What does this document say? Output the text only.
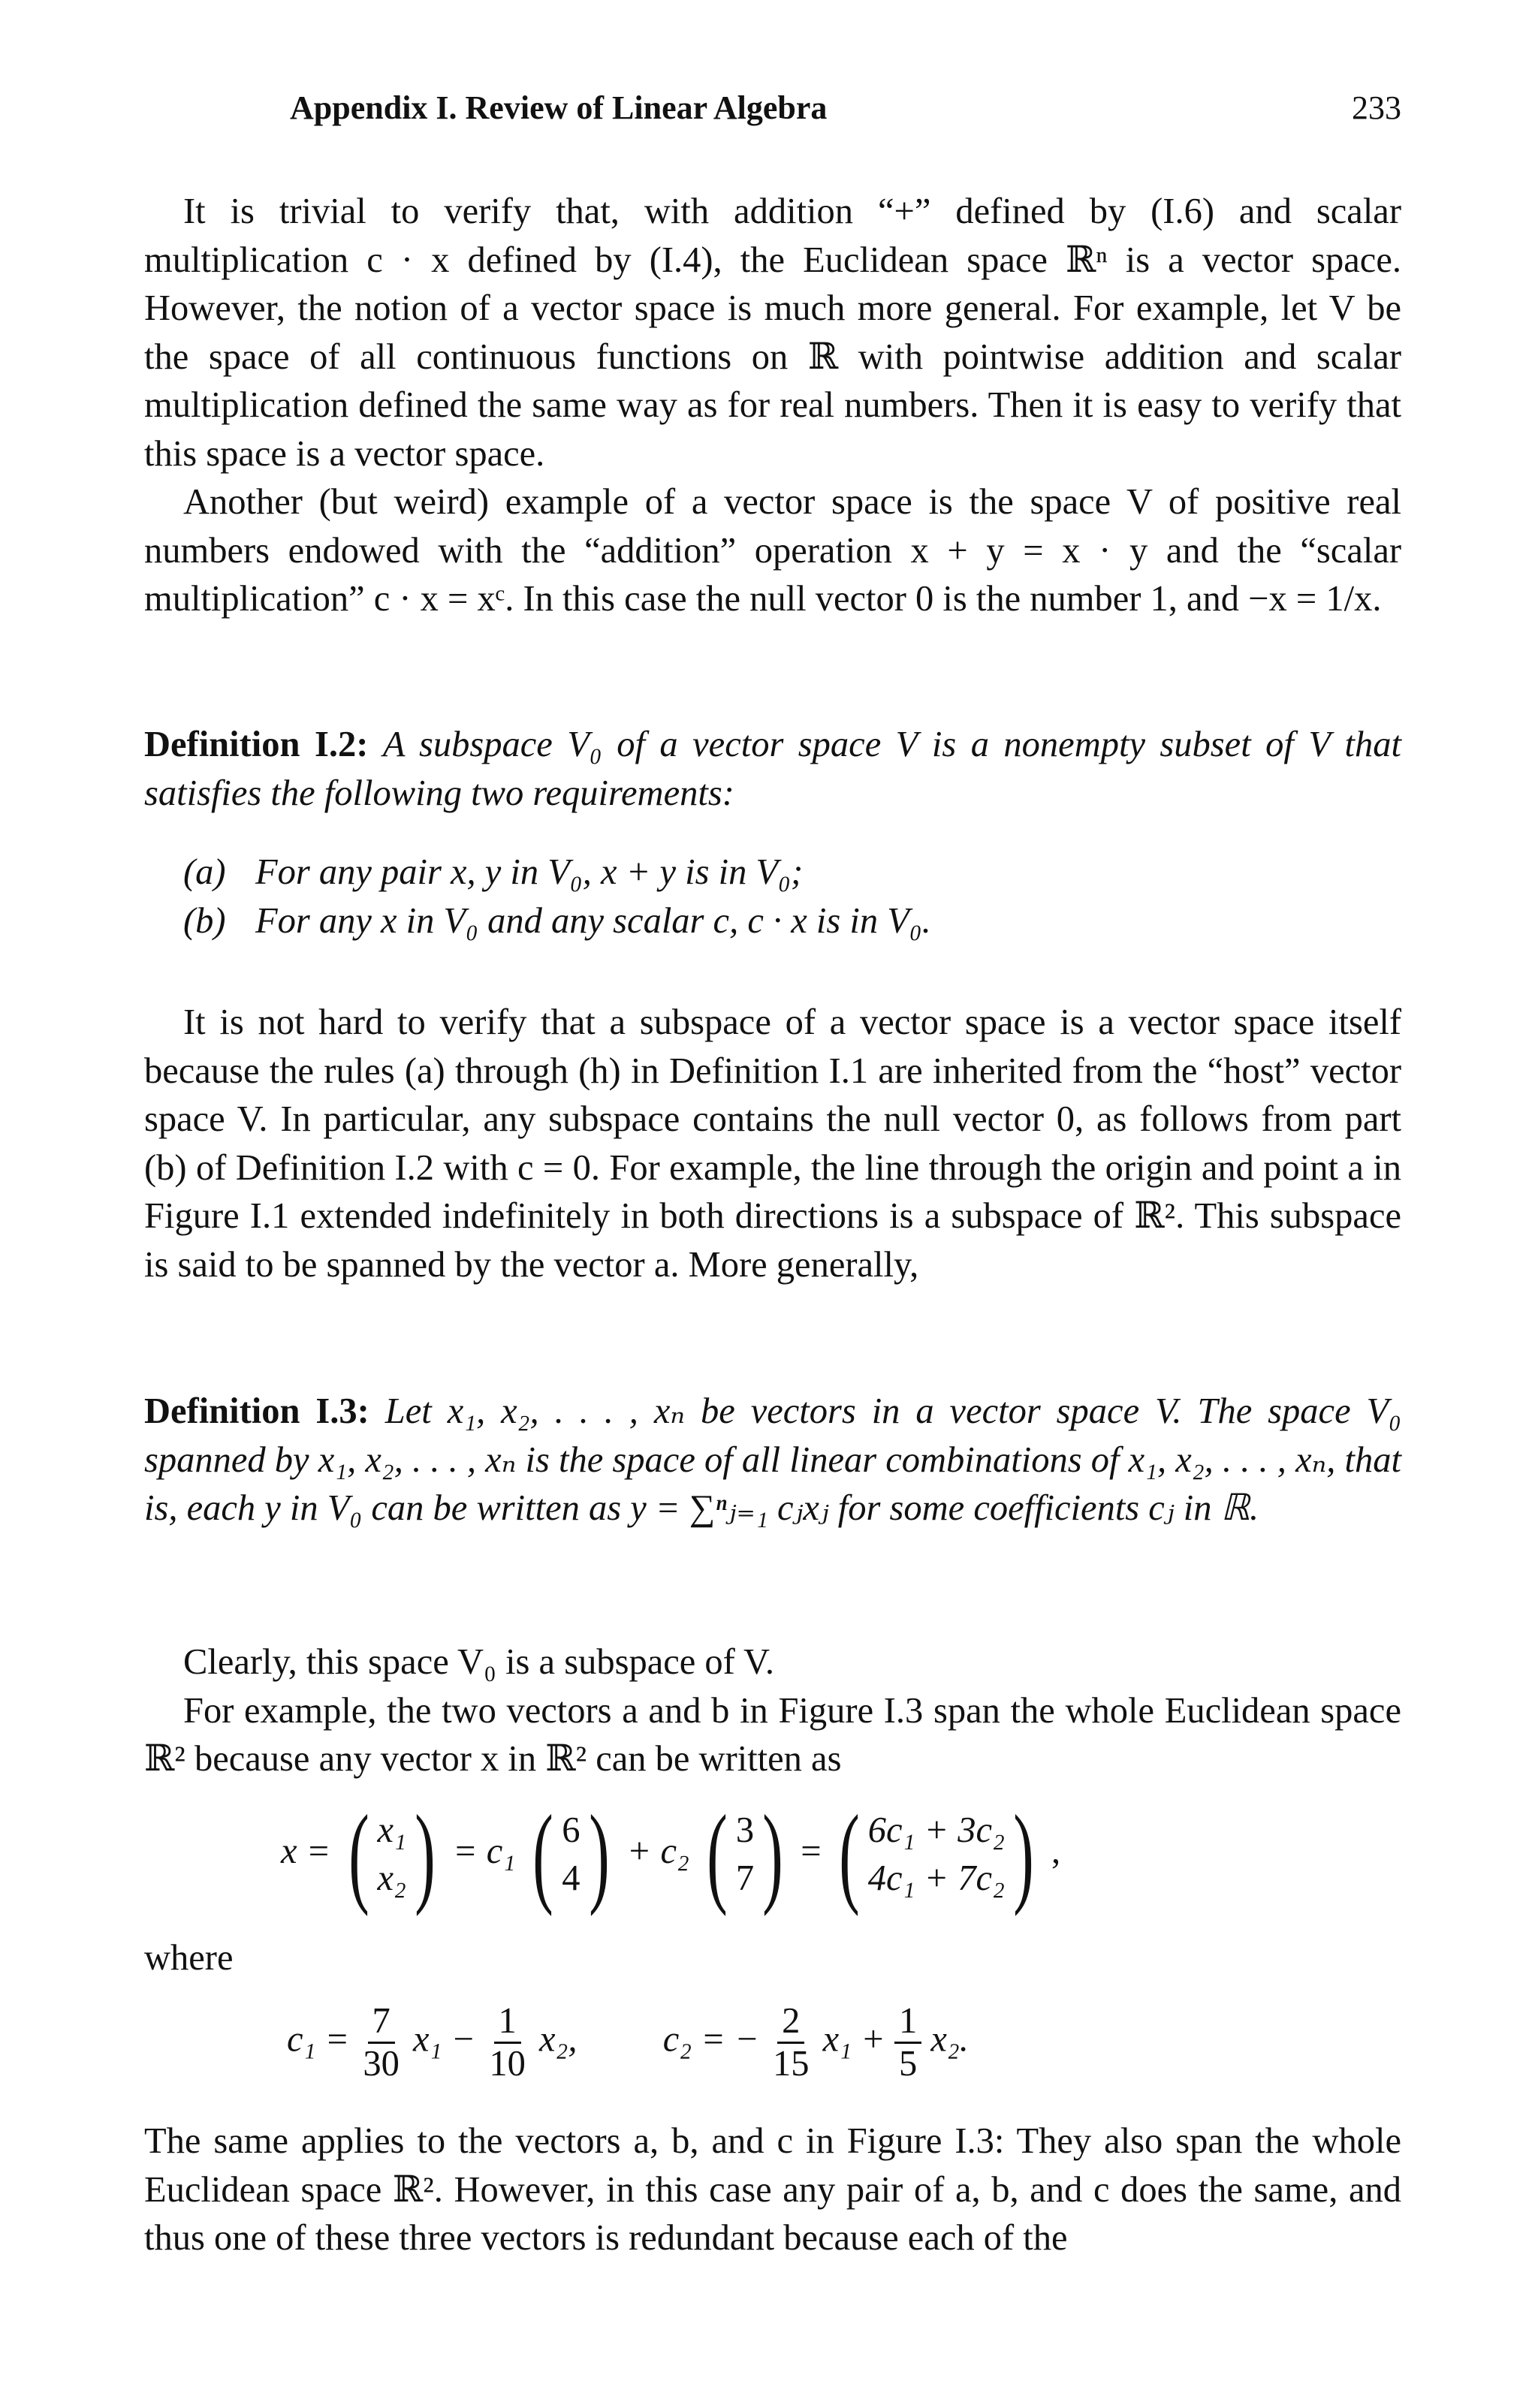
Appendix I. Review of Linear Algebra	233

It is trivial to verify that, with addition “+” defined by (I.6) and scalar multiplication c · x defined by (I.4), the Euclidean space ℝⁿ is a vector space. However, the notion of a vector space is much more general. For example, let V be the space of all continuous functions on ℝ with pointwise addition and scalar multiplication defined the same way as for real numbers. Then it is easy to verify that this space is a vector space.

Another (but weird) example of a vector space is the space V of positive real numbers endowed with the “addition” operation x + y = x · y and the “scalar multiplication” c · x = xᶜ. In this case the null vector 0 is the number 1, and −x = 1/x.

Definition I.2: A subspace V₀ of a vector space V is a nonempty subset of V that satisfies the following two requirements:
(a) For any pair x, y in V₀, x + y is in V₀;
(b) For any x in V₀ and any scalar c, c · x is in V₀.

It is not hard to verify that a subspace of a vector space is a vector space itself because the rules (a) through (h) in Definition I.1 are inherited from the “host” vector space V. In particular, any subspace contains the null vector 0, as follows from part (b) of Definition I.2 with c = 0. For example, the line through the origin and point a in Figure I.1 extended indefinitely in both directions is a subspace of ℝ². This subspace is said to be spanned by the vector a. More generally,

Definition I.3: Let x₁, x₂, . . . , xₙ be vectors in a vector space V. The space V₀ spanned by x₁, x₂, . . . , xₙ is the space of all linear combinations of x₁, x₂, . . . , xₙ, that is, each y in V₀ can be written as y = ∑ⁿⱼ₌₁ cⱼxⱼ for some coefficients cⱼ in ℝ.

Clearly, this space V₀ is a subspace of V.

For example, the two vectors a and b in Figure I.3 span the whole Euclidean space ℝ² because any vector x in ℝ² can be written as

x = ( x₁
x₂ ) = c₁ ( 6
4 ) + c₂ ( 3
7 ) = ( 6c₁ + 3c₂
4c₁ + 7c₂ ) ,
where
$c_1 = \frac{7}{30} x_1 - \frac{1}{10} x_2$, c₂ = − $\frac{2}{15} x_1 + \frac{1}{5} x_2$.

The same applies to the vectors a, b, and c in Figure I.3: They also span the whole Euclidean space ℝ². However, in this case any pair of a, b, and c does the same, and thus one of these three vectors is redundant because each of the
